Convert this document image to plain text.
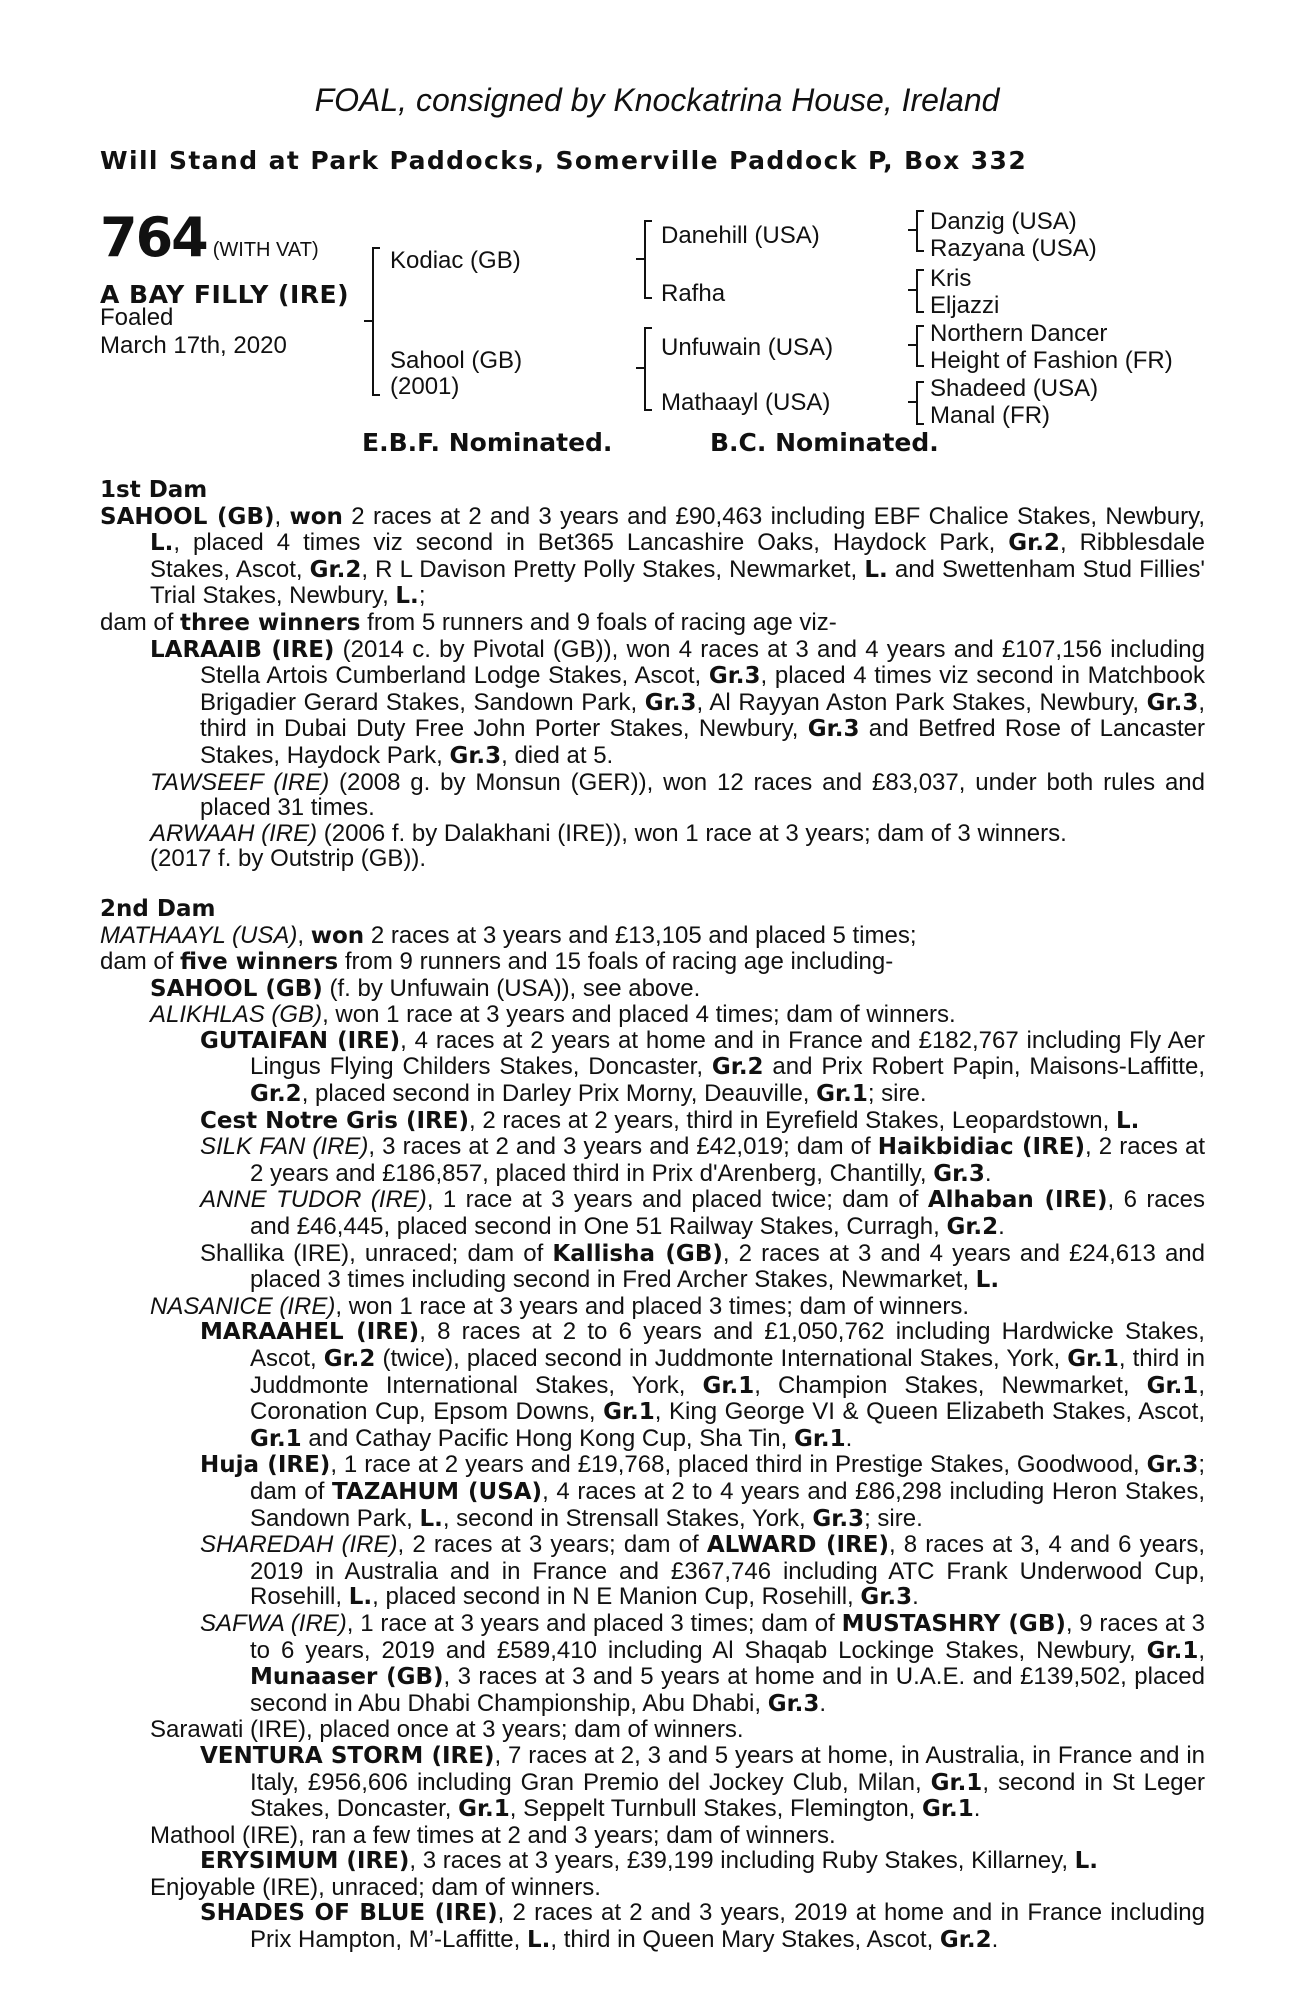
FOAL, consigned by Knockatrina House, Ireland
Will Stand at Park Paddocks, Somerville Paddock P, Box 332
764 (WITH VAT)
A BAY FILLY (IRE)
Foaled
March 17th, 2020
Kodiac (GB)
Sahool (GB)
(2001)
Danehill (USA)
Rafha
Unfuwain (USA)
Mathaayl (USA)
Danzig (USA)
Razyana (USA)
Kris
Eljazzi
Northern Dancer
Height of Fashion (FR)
Shadeed (USA)
Manal (FR)
E.B.F. Nominated.	B.C. Nominated.
1st Dam
SAHOOL (GB), won 2 races at 2 and 3 years and £90,463 including EBF Chalice Stakes, Newbury, L., placed 4 times viz second in Bet365 Lancashire Oaks, Haydock Park, Gr.2, Ribblesdale Stakes, Ascot, Gr.2, R L Davison Pretty Polly Stakes, Newmarket, L. and Swettenham Stud Fillies' Trial Stakes, Newbury, L.;
dam of three winners from 5 runners and 9 foals of racing age viz-
LARAAIB (IRE) (2014 c. by Pivotal (GB)), won 4 races at 3 and 4 years and £107,156 including Stella Artois Cumberland Lodge Stakes, Ascot, Gr.3, placed 4 times viz second in Matchbook Brigadier Gerard Stakes, Sandown Park, Gr.3, Al Rayyan Aston Park Stakes, Newbury, Gr.3, third in Dubai Duty Free John Porter Stakes, Newbury, Gr.3 and Betfred Rose of Lancaster Stakes, Haydock Park, Gr.3, died at 5.
TAWSEEF (IRE) (2008 g. by Monsun (GER)), won 12 races and £83,037, under both rules and placed 31 times.
ARWAAH (IRE) (2006 f. by Dalakhani (IRE)), won 1 race at 3 years; dam of 3 winners.
(2017 f. by Outstrip (GB)).
2nd Dam
MATHAAYL (USA), won 2 races at 3 years and £13,105 and placed 5 times;
dam of five winners from 9 runners and 15 foals of racing age including-
SAHOOL (GB) (f. by Unfuwain (USA)), see above.
ALIKHLAS (GB), won 1 race at 3 years and placed 4 times; dam of winners.
GUTAIFAN (IRE), 4 races at 2 years at home and in France and £182,767 including Fly Aer Lingus Flying Childers Stakes, Doncaster, Gr.2 and Prix Robert Papin, Maisons-Laffitte, Gr.2, placed second in Darley Prix Morny, Deauville, Gr.1; sire.
Cest Notre Gris (IRE), 2 races at 2 years, third in Eyrefield Stakes, Leopardstown, L.
SILK FAN (IRE), 3 races at 2 and 3 years and £42,019; dam of Haikbidiac (IRE), 2 races at 2 years and £186,857, placed third in Prix d'Arenberg, Chantilly, Gr.3.
ANNE TUDOR (IRE), 1 race at 3 years and placed twice; dam of Alhaban (IRE), 6 races and £46,445, placed second in One 51 Railway Stakes, Curragh, Gr.2.
Shallika (IRE), unraced; dam of Kallisha (GB), 2 races at 3 and 4 years and £24,613 and placed 3 times including second in Fred Archer Stakes, Newmarket, L.
NASANICE (IRE), won 1 race at 3 years and placed 3 times; dam of winners.
MARAAHEL (IRE), 8 races at 2 to 6 years and £1,050,762 including Hardwicke Stakes, Ascot, Gr.2 (twice), placed second in Juddmonte International Stakes, York, Gr.1, third in Juddmonte International Stakes, York, Gr.1, Champion Stakes, Newmarket, Gr.1, Coronation Cup, Epsom Downs, Gr.1, King George VI & Queen Elizabeth Stakes, Ascot, Gr.1 and Cathay Pacific Hong Kong Cup, Sha Tin, Gr.1.
Huja (IRE), 1 race at 2 years and £19,768, placed third in Prestige Stakes, Goodwood, Gr.3; dam of TAZAHUM (USA), 4 races at 2 to 4 years and £86,298 including Heron Stakes, Sandown Park, L., second in Strensall Stakes, York, Gr.3; sire.
SHAREDAH (IRE), 2 races at 3 years; dam of ALWARD (IRE), 8 races at 3, 4 and 6 years, 2019 in Australia and in France and £367,746 including ATC Frank Underwood Cup, Rosehill, L., placed second in N E Manion Cup, Rosehill, Gr.3.
SAFWA (IRE), 1 race at 3 years and placed 3 times; dam of MUSTASHRY (GB), 9 races at 3 to 6 years, 2019 and £589,410 including Al Shaqab Lockinge Stakes, Newbury, Gr.1, Munaaser (GB), 3 races at 3 and 5 years at home and in U.A.E. and £139,502, placed second in Abu Dhabi Championship, Abu Dhabi, Gr.3.
Sarawati (IRE), placed once at 3 years; dam of winners.
VENTURA STORM (IRE), 7 races at 2, 3 and 5 years at home, in Australia, in France and in Italy, £956,606 including Gran Premio del Jockey Club, Milan, Gr.1, second in St Leger Stakes, Doncaster, Gr.1, Seppelt Turnbull Stakes, Flemington, Gr.1.
Mathool (IRE), ran a few times at 2 and 3 years; dam of winners.
ERYSIMUM (IRE), 3 races at 3 years, £39,199 including Ruby Stakes, Killarney, L.
Enjoyable (IRE), unraced; dam of winners.
SHADES OF BLUE (IRE), 2 races at 2 and 3 years, 2019 at home and in France including Prix Hampton, M’-Laffitte, L., third in Queen Mary Stakes, Ascot, Gr.2.
